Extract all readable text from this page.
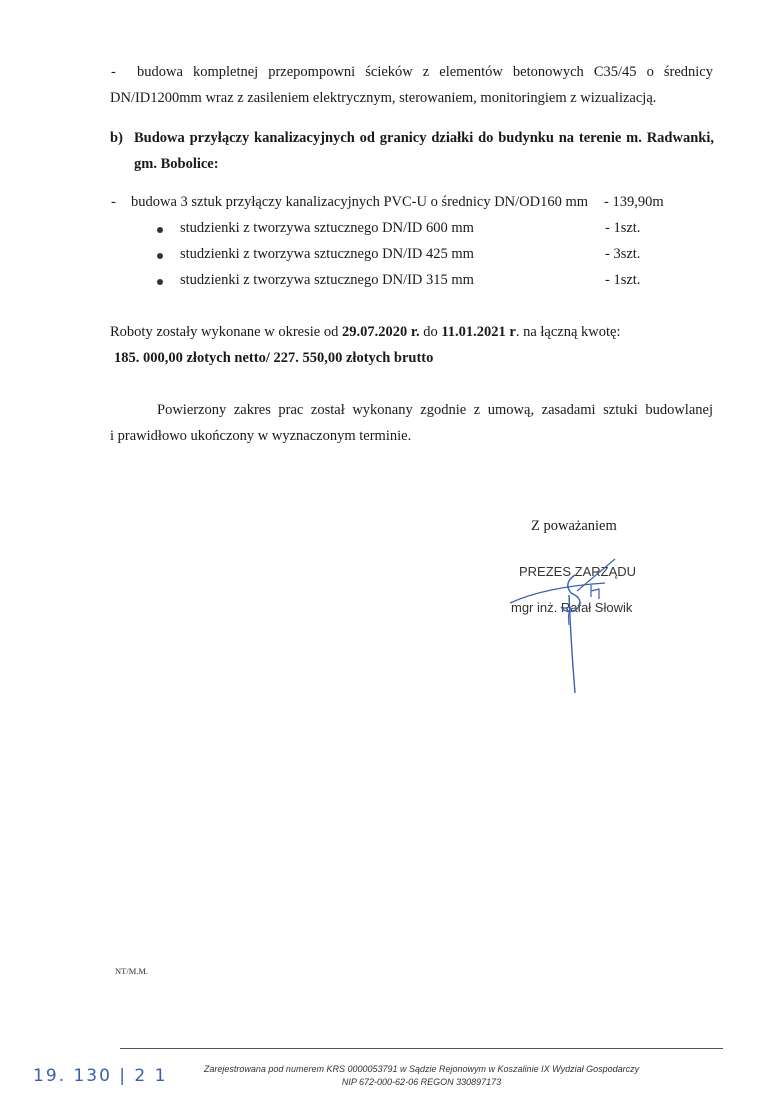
- budowa kompletnej przepompowni ścieków z elementów betonowych C35/45 o średnicy
DN/ID1200mm wraz z zasileniem elektrycznym, sterowaniem, monitoringiem z wizualizacją.
b) Budowa przyłączy kanalizacyjnych od granicy działki do budynku na terenie m. Radwanki,
gm. Bobolice:
- budowa 3 sztuk przyłączy kanalizacyjnych PVC-U o średnicy DN/OD160 mm - 139,90m
studzienki z tworzywa sztucznego DN/ID 600 mm	- 1szt.
studzienki z tworzywa sztucznego DN/ID 425 mm	- 3szt.
studzienki z tworzywa sztucznego DN/ID 315 mm	- 1szt.
Roboty zostały wykonane w okresie od 29.07.2020 r. do 11.01.2021 r. na łączną kwotę:
185. 000,00 złotych netto/ 227. 550,00 złotych brutto
Powierzony zakres prac został wykonany zgodnie z umową, zasadami sztuki budowlanej
i prawidłowo ukończony w wyznaczonym terminie.
Z poważaniem
PREZES ZARZĄDU
mgr inż. Rafał Słowik
NT/M.M.
19. 130 | 2 1	Zarejestrowana pod numerem KRS 0000053791 w Sądzie Rejonowym w Koszalinie IX Wydział Gospodarczy
NIP 672-000-62-06 REGON 330897173
